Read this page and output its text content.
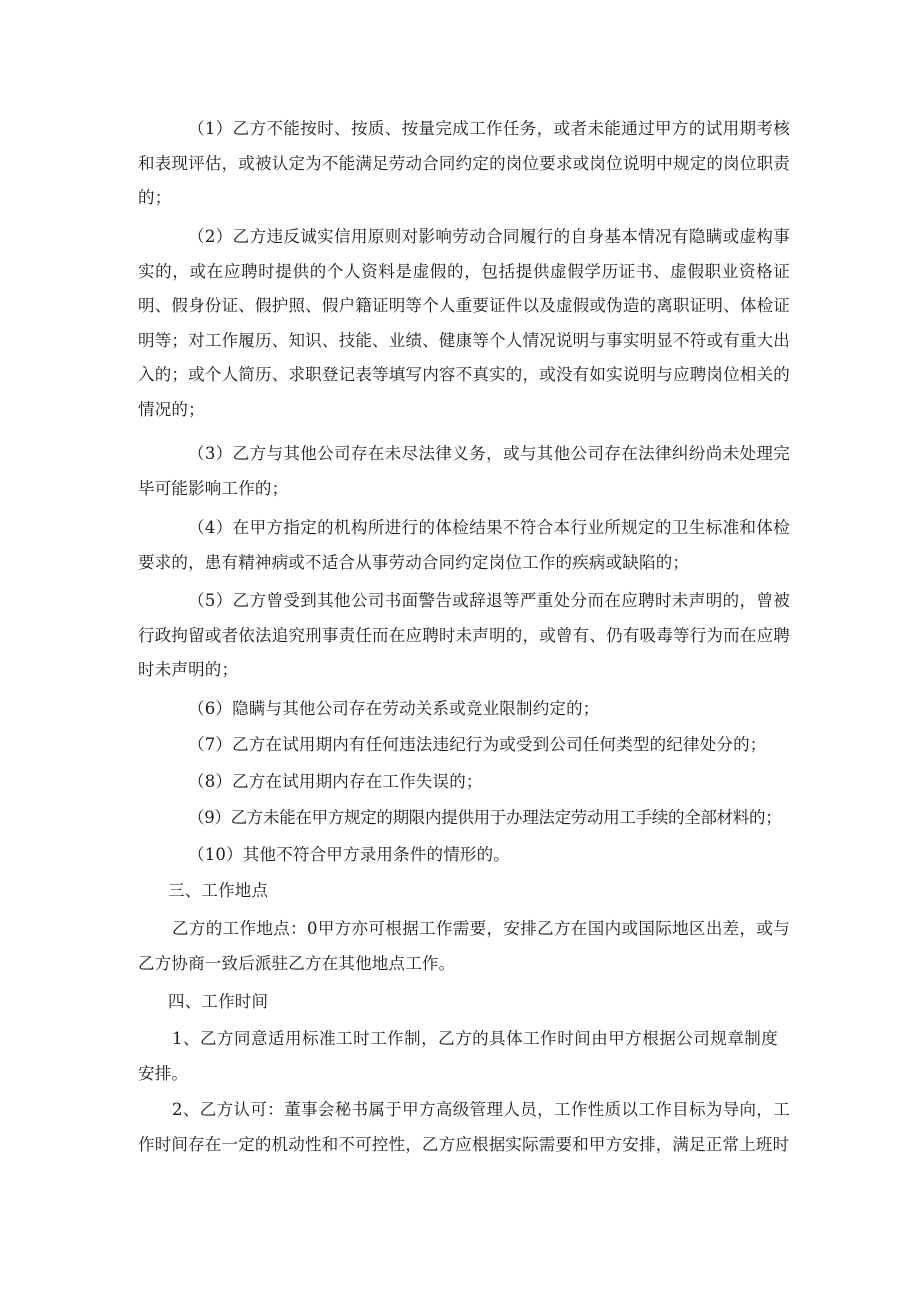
（1）乙方不能按时、按质、按量完成工作任务，或者未能通过甲方的试用期考核和表现评估，或被认定为不能满足劳动合同约定的岗位要求或岗位说明中规定的岗位职责的；

（2）乙方违反诚实信用原则对影响劳动合同履行的自身基本情况有隐瞒或虚构事实的，或在应聘时提供的个人资料是虚假的，包括提供虚假学历证书、虚假职业资格证明、假身份证、假护照、假户籍证明等个人重要证件以及虚假或伪造的离职证明、体检证明等；对工作履历、知识、技能、业绩、健康等个人情况说明与事实明显不符或有重大出入的；或个人简历、求职登记表等填写内容不真实的，或没有如实说明与应聘岗位相关的情况的；

（3）乙方与其他公司存在未尽法律义务，或与其他公司存在法律纠纷尚未处理完毕可能影响工作的；

（4）在甲方指定的机构所进行的体检结果不符合本行业所规定的卫生标准和体检要求的，患有精神病或不适合从事劳动合同约定岗位工作的疾病或缺陷的；

（5）乙方曾受到其他公司书面警告或辞退等严重处分而在应聘时未声明的，曾被行政拘留或者依法追究刑事责任而在应聘时未声明的，或曾有、仍有吸毒等行为而在应聘时未声明的；

（6）隐瞒与其他公司存在劳动关系或竞业限制约定的；

（7）乙方在试用期内有任何违法违纪行为或受到公司任何类型的纪律处分的；

（8）乙方在试用期内存在工作失误的；

（9）乙方未能在甲方规定的期限内提供用于办理法定劳动用工手续的全部材料的；

（10）其他不符合甲方录用条件的情形的。

三、工作地点

乙方的工作地点：0甲方亦可根据工作需要，安排乙方在国内或国际地区出差，或与乙方协商一致后派驻乙方在其他地点工作。

四、工作时间

1、乙方同意适用标准工时工作制，乙方的具体工作时间由甲方根据公司规章制度安排。

2、乙方认可：董事会秘书属于甲方高级管理人员，工作性质以工作目标为导向，工作时间存在一定的机动性和不可控性，乙方应根据实际需要和甲方安排，满足正常上班时
